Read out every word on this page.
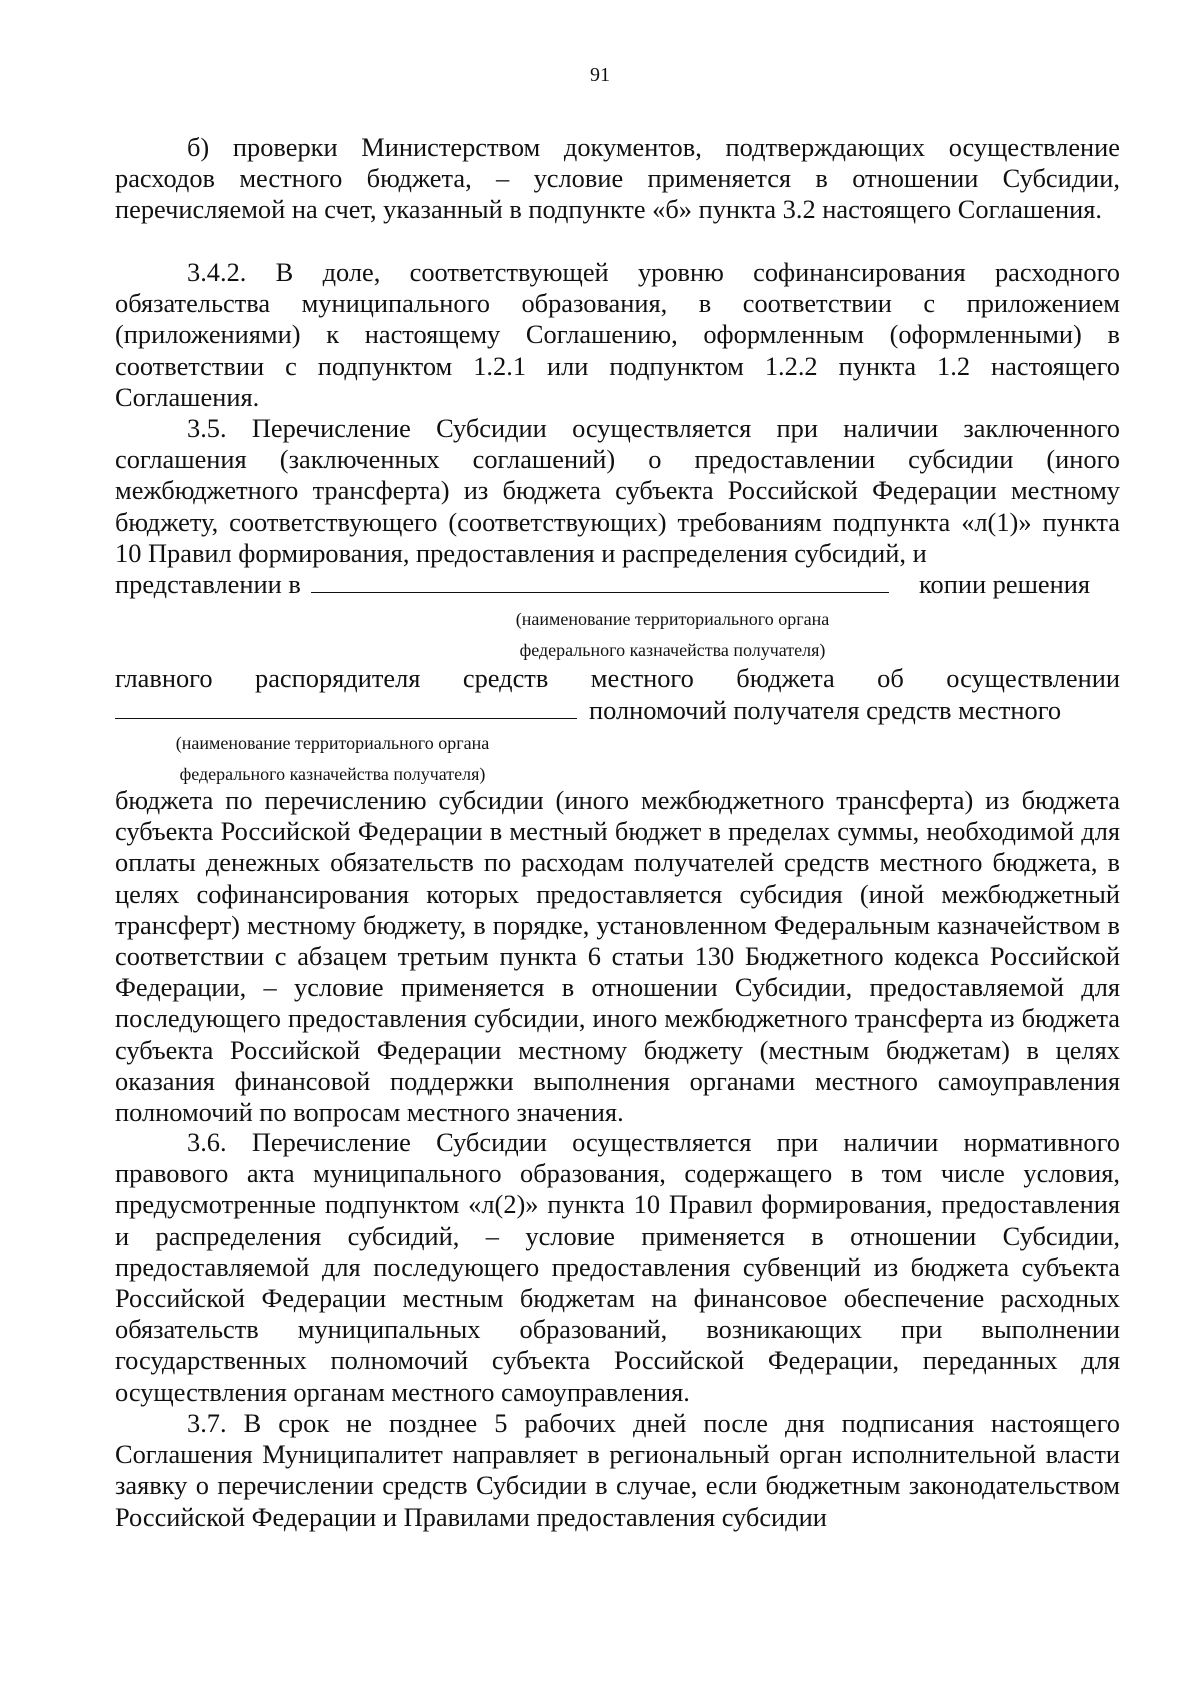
91

б) проверки Министерством документов, подтверждающих осуществление расходов местного бюджета, – условие применяется в отношении Субсидии, перечисляемой на счет, указанный в подпункте «б» пункта 3.2 настоящего Соглашения.

3.4.2. В доле, соответствующей уровню софинансирования расходного обязательства муниципального образования, в соответствии с приложением (приложениями) к настоящему Соглашению, оформленным (оформленными) в соответствии с подпунктом 1.2.1 или подпунктом 1.2.2 пункта 1.2 настоящего Соглашения.

3.5. Перечисление Субсидии осуществляется при наличии заключенного соглашения (заключенных соглашений) о предоставлении субсидии (иного межбюджетного трансферта) из бюджета субъекта Российской Федерации местному бюджету, соответствующего (соответствующих) требованиям подпункта «л(1)» пункта 10 Правил формирования, предоставления и распределения субсидий, и

представлении в	копии решения
(наименование территориального органа
федерального казначейства получателя)
главного распорядителя средств местного бюджета об осуществлении
полномочий получателя средств местного
(наименование территориального органа
федерального казначейства получателя)

бюджета по перечислению субсидии (иного межбюджетного трансферта) из бюджета субъекта Российской Федерации в местный бюджет в пределах суммы, необходимой для оплаты денежных обязательств по расходам получателей средств местного бюджета, в целях софинансирования которых предоставляется субсидия (иной межбюджетный трансферт) местному бюджету, в порядке, установленном Федеральным казначейством в соответствии с абзацем третьим пункта 6 статьи 130 Бюджетного кодекса Российской Федерации, – условие применяется в отношении Субсидии, предоставляемой для последующего предоставления субсидии, иного межбюджетного трансферта из бюджета субъекта Российской Федерации местному бюджету (местным бюджетам) в целях оказания финансовой поддержки выполнения органами местного самоуправления полномочий по вопросам местного значения.

3.6. Перечисление Субсидии осуществляется при наличии нормативного правового акта муниципального образования, содержащего в том числе условия, предусмотренные подпунктом «л(2)» пункта 10 Правил формирования, предоставления и распределения субсидий, – условие применяется в отношении Субсидии, предоставляемой для последующего предоставления субвенций из бюджета субъекта Российской Федерации местным бюджетам на финансовое обеспечение расходных обязательств муниципальных образований, возникающих при выполнении государственных полномочий субъекта Российской Федерации, переданных для осуществления органам местного самоуправления.

3.7. В срок не позднее 5 рабочих дней после дня подписания настоящего Соглашения Муниципалитет направляет в региональный орган исполнительной власти заявку о перечислении средств Субсидии в случае, если бюджетным законодательством Российской Федерации и Правилами предоставления субсидии
